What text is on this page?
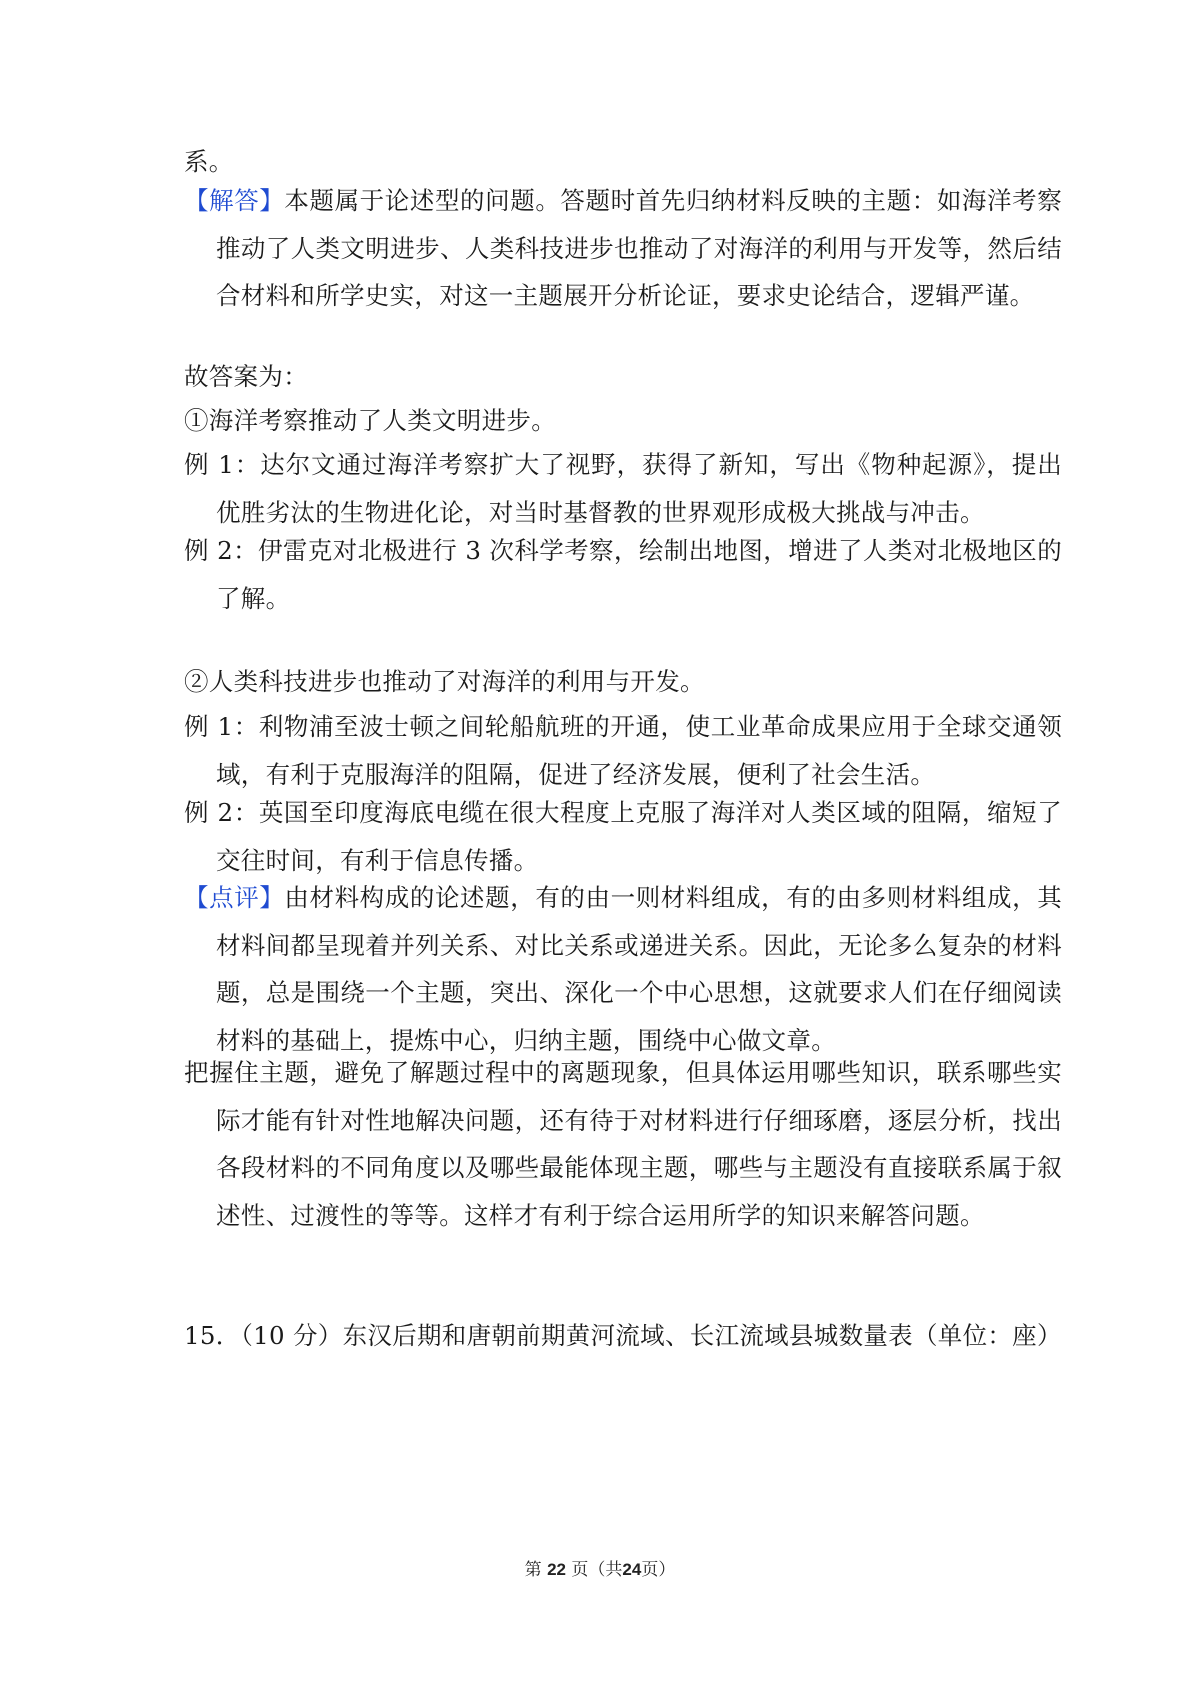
系。

【解答】本题属于论述型的问题。答题时首先归纳材料反映的主题：如海洋考察推动了人类文明进步、人类科技进步也推动了对海洋的利用与开发等，然后结合材料和所学史实，对这一主题展开分析论证，要求史论结合，逻辑严谨。

故答案为：

①海洋考察推动了人类文明进步。

例 1：达尔文通过海洋考察扩大了视野，获得了新知，写出《物种起源》，提出优胜劣汰的生物进化论，对当时基督教的世界观形成极大挑战与冲击。

例 2：伊雷克对北极进行 3 次科学考察，绘制出地图，增进了人类对北极地区的了解。

②人类科技进步也推动了对海洋的利用与开发。

例 1：利物浦至波士顿之间轮船航班的开通，使工业革命成果应用于全球交通领域，有利于克服海洋的阻隔，促进了经济发展，便利了社会生活。

例 2：英国至印度海底电缆在很大程度上克服了海洋对人类区域的阻隔，缩短了交往时间，有利于信息传播。

【点评】由材料构成的论述题，有的由一则材料组成，有的由多则材料组成，其材料间都呈现着并列关系、对比关系或递进关系。因此，无论多么复杂的材料题，总是围绕一个主题，突出、深化一个中心思想，这就要求人们在仔细阅读材料的基础上，提炼中心，归纳主题，围绕中心做文章。

把握住主题，避免了解题过程中的离题现象，但具体运用哪些知识，联系哪些实际才能有针对性地解决问题，还有待于对材料进行仔细琢磨，逐层分析，找出各段材料的不同角度以及哪些最能体现主题，哪些与主题没有直接联系属于叙述性、过渡性的等等。这样才有利于综合运用所学的知识来解答问题。

15．（10 分）东汉后期和唐朝前期黄河流域、长江流域县城数量表（单位：座）

第 22 页（共24页）
